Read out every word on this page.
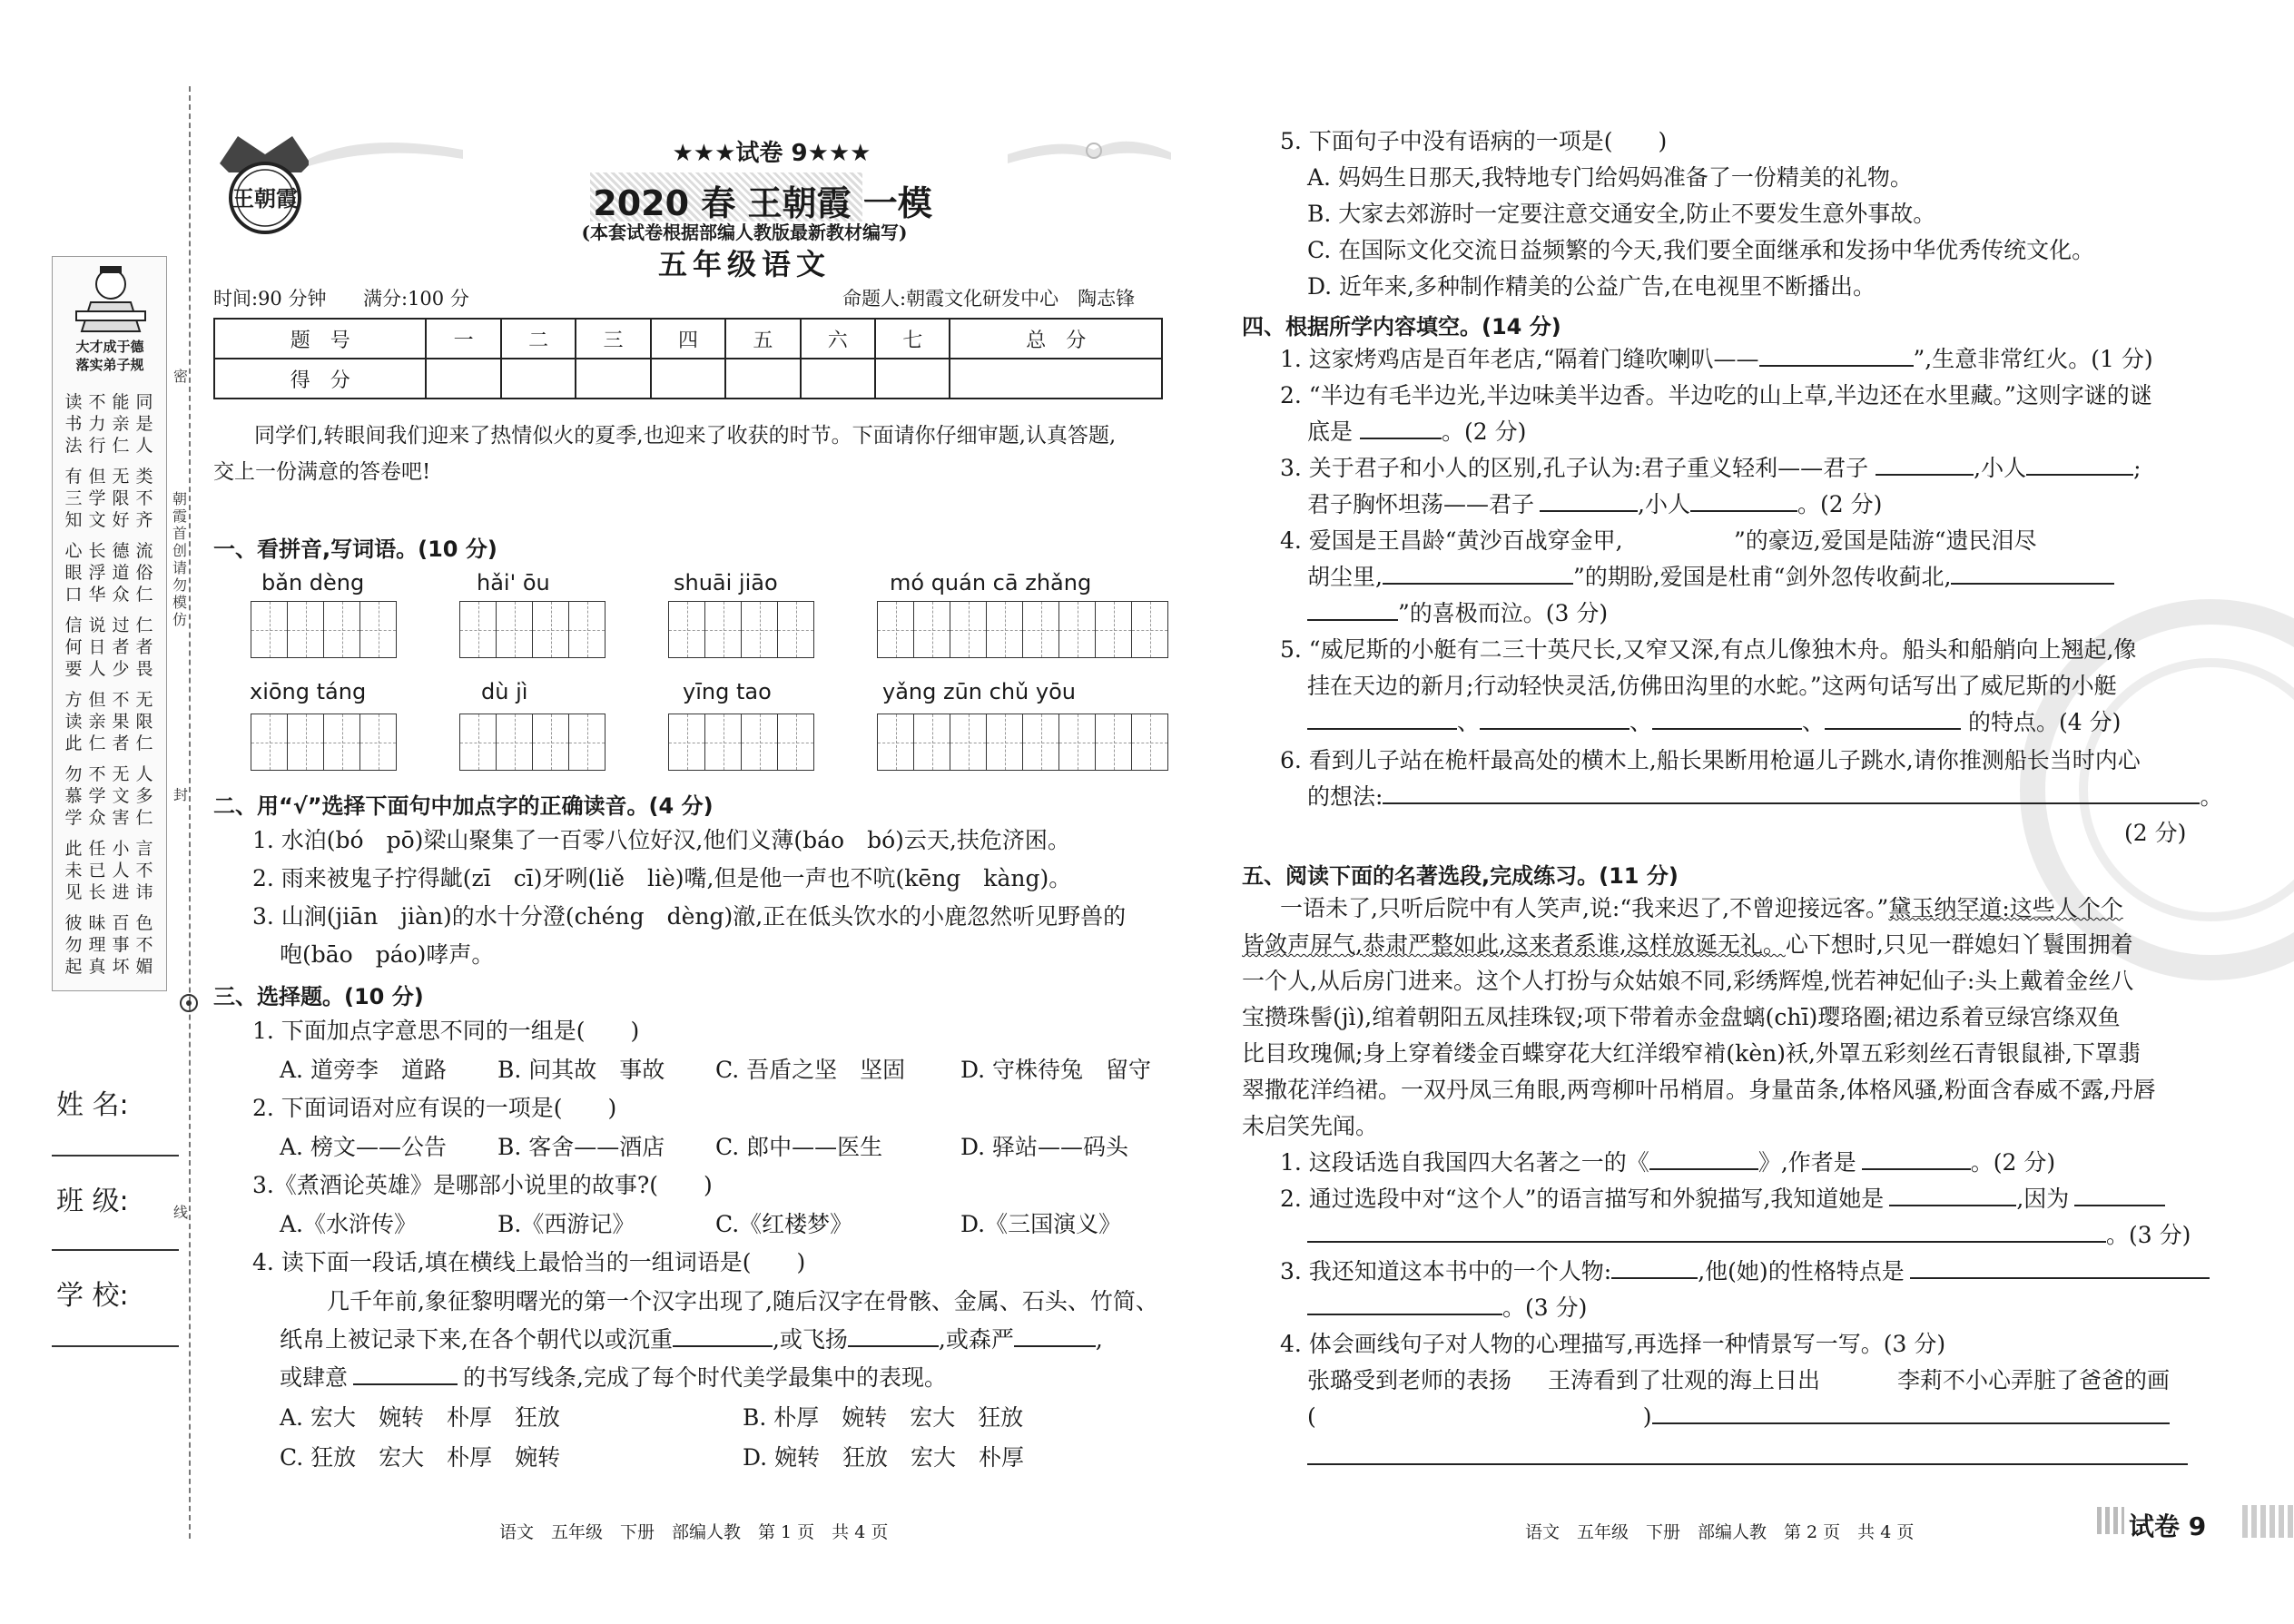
大才成于德
落实弟子规
读书法
不力行
能亲仁
同是人
有三知
但学文
无限好
类不齐
心眼口
长浮华
德道众
流俗仁
信何要
说日人
过者少
仁者畏
方读此
但亲仁
不果者
无限仁
勿慕学
不学众
无文害
人多仁
此未见
任已长
小人进
言不讳
彼勿起
昧理真
百事坏
色不媚
密
封
线
朝霞首创 请勿模仿
姓 名:
班 级:
学 校:
王朝霞
★★★试卷 9★★★
2020 春 王朝霞 一模
(本套试卷根据部编人教版最新教材编写)
五年级语文
时间:90 分钟 满分:100 分	命题人:朝霞文化研发中心　陶志锋
题　号	一	二	三	四	五	六	七	总　分
得　分								
同学们,转眼间我们迎来了热情似火的夏季,也迎来了收获的时节。下面请你仔细审题,认真答题,
交上一份满意的答卷吧!
一、看拼音,写词语。(10 分)
bǎn dèng	hǎi' ōu	shuāi jiāo	mó quán cā zhǎng
xiōng táng	dù jì	yīng tao	yǎng zūn chǔ yōu
二、用“√”选择下面句中加点字的正确读音。(4 分)
1. 水泊(bó　pō)梁山聚集了一百零八位好汉,他们义薄(báo　bó)云天,扶危济困。
2. 雨来被鬼子拧得龇(zī　cī)牙咧(liě　liè)嘴,但是他一声也不吭(kēng　kàng)。
3. 山涧(jiān　jiàn)的水十分澄(chéng　dèng)澈,正在低头饮水的小鹿忽然听见野兽的
咆(bāo　páo)哮声。
三、选择题。(10 分)
1. 下面加点字意思不同的一组是(　　)
A. 道旁李　道路 B. 问其故　事故 C. 吾盾之坚　坚固 D. 守株待兔　留守
2. 下面词语对应有误的一项是(　　)
A. 榜文——公告 B. 客舍——酒店 C. 郎中——医生	D. 驿站——码头
3.《煮酒论英雄》是哪部小说里的故事?(　　)
A.《水浒传》	B.《西游记》	C.《红楼梦》	D.《三国演义》
4. 读下面一段话,填在横线上最恰当的一组词语是(　　)
几千年前,象征黎明曙光的第一个汉字出现了,随后汉字在骨骸、金属、石头、竹简、
纸帛上被记录下来,在各个朝代以或沉重	,或飞扬	,或森严	,
或肆意	的书写线条,完成了每个时代美学最集中的表现。
A. 宏大　婉转　朴厚　狂放	B. 朴厚　婉转　宏大　狂放
C. 狂放　宏大　朴厚　婉转	D. 婉转　狂放　宏大　朴厚
语文　五年级　下册　部编人教　第 1 页　共 4 页
5. 下面句子中没有语病的一项是(　　)
A. 妈妈生日那天,我特地专门给妈妈准备了一份精美的礼物。
B. 大家去郊游时一定要注意交通安全,防止不要发生意外事故。
C. 在国际文化交流日益频繁的今天,我们要全面继承和发扬中华优秀传统文化。
D. 近年来,多种制作精美的公益广告,在电视里不断播出。
四、根据所学内容填空。(14 分)
1. 这家烤鸡店是百年老店,“隔着门缝吹喇叭——	”,生意非常红火。(1 分)
2. “半边有毛半边光,半边味美半边香。半边吃的山上草,半边还在水里藏。”这则字谜的谜
底是	。(2 分)
3. 关于君子和小人的区别,孔子认为:君子重义轻利——君子	,小人	;
君子胸怀坦荡——君子	,小人	。(2 分)
4. 爱国是王昌龄“黄沙百战穿金甲,	”的豪迈,爱国是陆游“遗民泪尽
胡尘里,	”的期盼,爱国是杜甫“剑外忽传收蓟北,
”的喜极而泣。(3 分)
5. “威尼斯的小艇有二三十英尺长,又窄又深,有点儿像独木舟。船头和船艄向上翘起,像
挂在天边的新月;行动轻快灵活,仿佛田沟里的水蛇。”这两句话写出了威尼斯的小艇
、	、	、	的特点。(4 分)
6. 看到儿子站在桅杆最高处的横木上,船长果断用枪逼儿子跳水,请你推测船长当时内心
的想法:	。
(2 分)
五、阅读下面的名著选段,完成练习。(11 分)
一语未了,只听后院中有人笑声,说:“我来迟了,不曾迎接远客。”黛玉纳罕道:这些人个个
皆敛声屏气,恭肃严整如此,这来者系谁,这样放诞无礼。心下想时,只见一群媳妇丫鬟围拥着
一个人,从后房门进来。这个人打扮与众姑娘不同,彩绣辉煌,恍若神妃仙子:头上戴着金丝八
宝攒珠髻(jì),绾着朝阳五凤挂珠钗;项下带着赤金盘螭(chī)璎珞圈;裙边系着豆绿宫绦双鱼
比目玫瑰佩;身上穿着缕金百蝶穿花大红洋缎窄褃(kèn)袄,外罩五彩刻丝石青银鼠褂,下罩翡
翠撒花洋绉裙。一双丹凤三角眼,两弯柳叶吊梢眉。身量苗条,体格风骚,粉面含春威不露,丹唇
未启笑先闻。
1. 这段话选自我国四大名著之一的《	》,作者是	。(2 分)
2. 通过选段中对“这个人”的语言描写和外貌描写,我知道她是	,因为
。(3 分)
3. 我还知道这本书中的一个人物:	,他(她)的性格特点是
。(3 分)
4. 体会画线句子对人物的心理描写,再选择一种情景写一写。(3 分)
张璐受到老师的表扬 王涛看到了壮观的海上日出	李莉不小心弄脏了爸爸的画
(	)
语文　五年级　下册　部编人教　第 2 页　共 4 页	试卷 9
